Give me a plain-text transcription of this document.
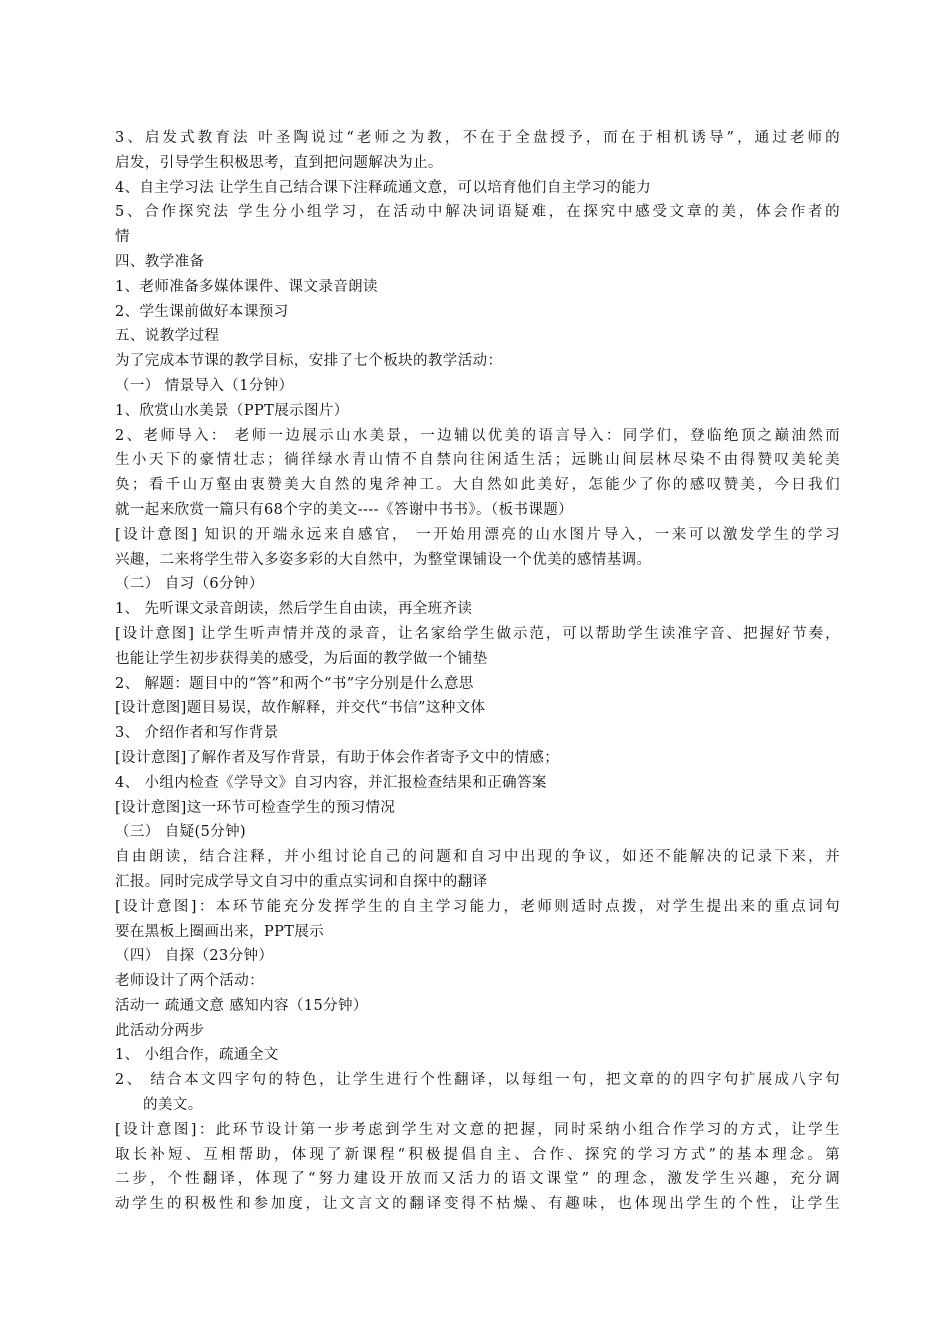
3、启发式教育法 叶圣陶说过“老师之为教，不在于全盘授予，而在于相机诱导”，通过老师的
启发，引导学生积极思考，直到把问题解决为止。
4、自主学习法 让学生自己结合课下注释疏通文意，可以培育他们自主学习的能力
5、合作探究法 学生分小组学习，在活动中解决词语疑难，在探究中感受文章的美，体会作者的
情
四、教学准备
1、老师准备多媒体课件、课文录音朗读
2、学生课前做好本课预习
五、说教学过程
为了完成本节课的教学目标，安排了七个板块的教学活动：
（一） 情景导入（1分钟）
1、欣赏山水美景（PPT展示图片）
2、老师导入： 老师一边展示山水美景，一边辅以优美的语言导入：同学们，登临绝顶之巅油然而
生小天下的豪情壮志；徜徉绿水青山情不自禁向往闲适生活；远眺山间层林尽染不由得赞叹美轮美
奂；看千山万壑由衷赞美大自然的鬼斧神工。大自然如此美好，怎能少了你的感叹赞美，今日我们
就一起来欣赏一篇只有68个字的美文----《答谢中书书》。（板书课题）
[设计意图] 知识的开端永远来自感官， 一开始用漂亮的山水图片导入，一来可以激发学生的学习
兴趣，二来将学生带入多姿多彩的大自然中，为整堂课铺设一个优美的感情基调。
（二） 自习（6分钟）
1、 先听课文录音朗读，然后学生自由读，再全班齐读
[设计意图] 让学生听声情并茂的录音，让名家给学生做示范，可以帮助学生读准字音、把握好节奏，
也能让学生初步获得美的感受，为后面的教学做一个铺垫
2、 解题：题目中的“答”和两个“书”字分别是什么意思
[设计意图]题目易误，故作解释，并交代“书信”这种文体
3、 介绍作者和写作背景
[设计意图]了解作者及写作背景，有助于体会作者寄予文中的情感；
4、 小组内检查《学导文》自习内容，并汇报检查结果和正确答案
[设计意图]这一环节可检查学生的预习情况
（三） 自疑(5分钟)
自由朗读，结合注释，并小组讨论自己的问题和自习中出现的争议，如还不能解决的记录下来，并
汇报。同时完成学导文自习中的重点实词和自探中的翻译
[设计意图]：本环节能充分发挥学生的自主学习能力，老师则适时点拨，对学生提出来的重点词句
要在黑板上圈画出来，PPT展示
（四） 自探（23分钟）
老师设计了两个活动：
活动一 疏通文意 感知内容（15分钟）
此活动分两步
1、 小组合作，疏通全文
2、 结合本文四字句的特色，让学生进行个性翻译，以每组一句，把文章的的四字句扩展成八字句
的美文。
[设计意图]：此环节设计第一步考虑到学生对文意的把握，同时采纳小组合作学习的方式，让学生
取长补短、互相帮助，体现了新课程“积极提倡自主、合作、探究的学习方式”的基本理念。第
二步，个性翻译，体现了“努力建设开放而又活力的语文课堂” 的理念，激发学生兴趣，充分调
动学生的积极性和参加度，让文言文的翻译变得不枯燥、有趣味，也体现出学生的个性，让学生
